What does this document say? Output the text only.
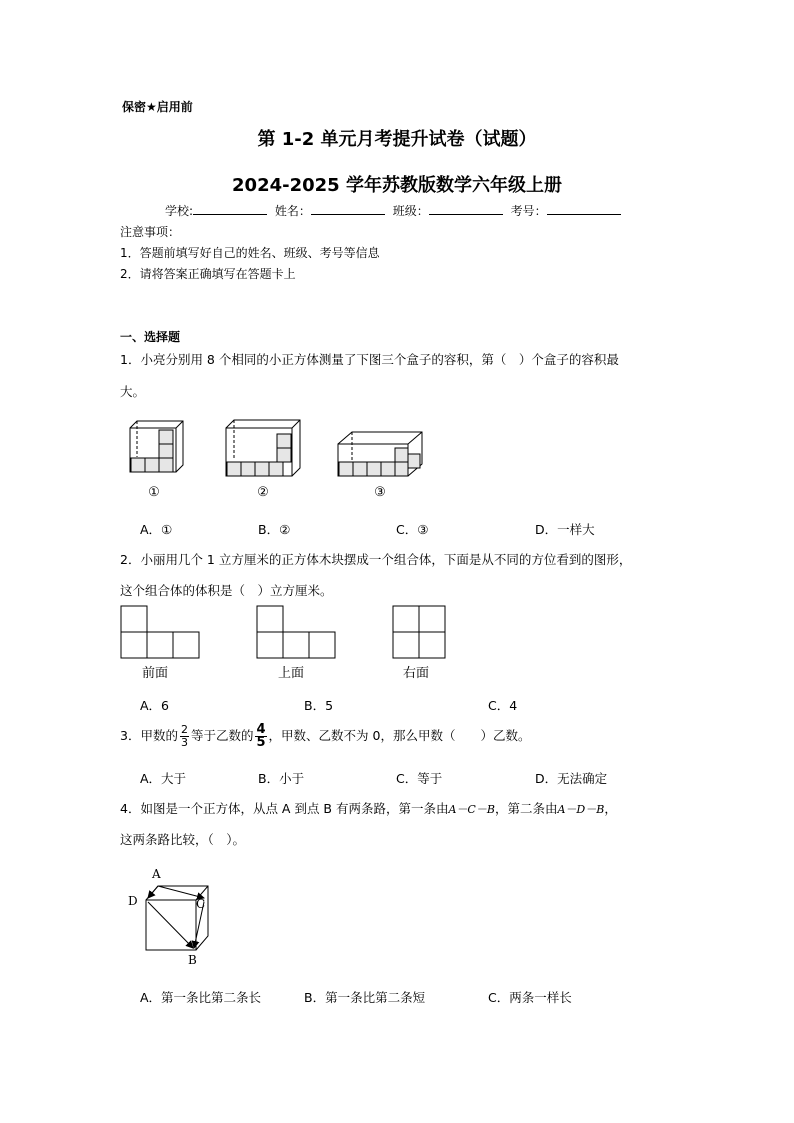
保密★启用前
第 1-2 单元月考提升试卷（试题）
2024-2025 学年苏教版数学六年级上册
学校:	姓名：	班级：	考号：
注意事项：
1．答题前填写好自己的姓名、班级、考号等信息
2．请将答案正确填写在答题卡上
一、选择题
1．小亮分别用 8 个相同的小正方体测量了下图三个盒子的容积，第（　）个盒子的容积最
大。
①	②	③
A．①	B．②	C．③	D．一样大
2．小丽用几个 1 立方厘米的正方体木块摆成一个组合体，下面是从不同的方位看到的图形，
这个组合体的体积是（　）立方厘米。
前面	上面	右面
A．6	B．5	C．4
3．甲数的 $\frac{2}{3}$ 等于乙数的 $\frac{4}{5}$ ，甲数、乙数不为 0，那么甲数（　　）乙数。
A．大于	B．小于	C．等于	D．无法确定
4．如图是一个正方体，从点 A 到点 B 有两条路，第一条由A－C－B，第二条由A－D－B，
这两条路比较，（　）。
A
D	C
B
A．第一条比第二条长	B．第一条比第二条短	C．两条一样长
